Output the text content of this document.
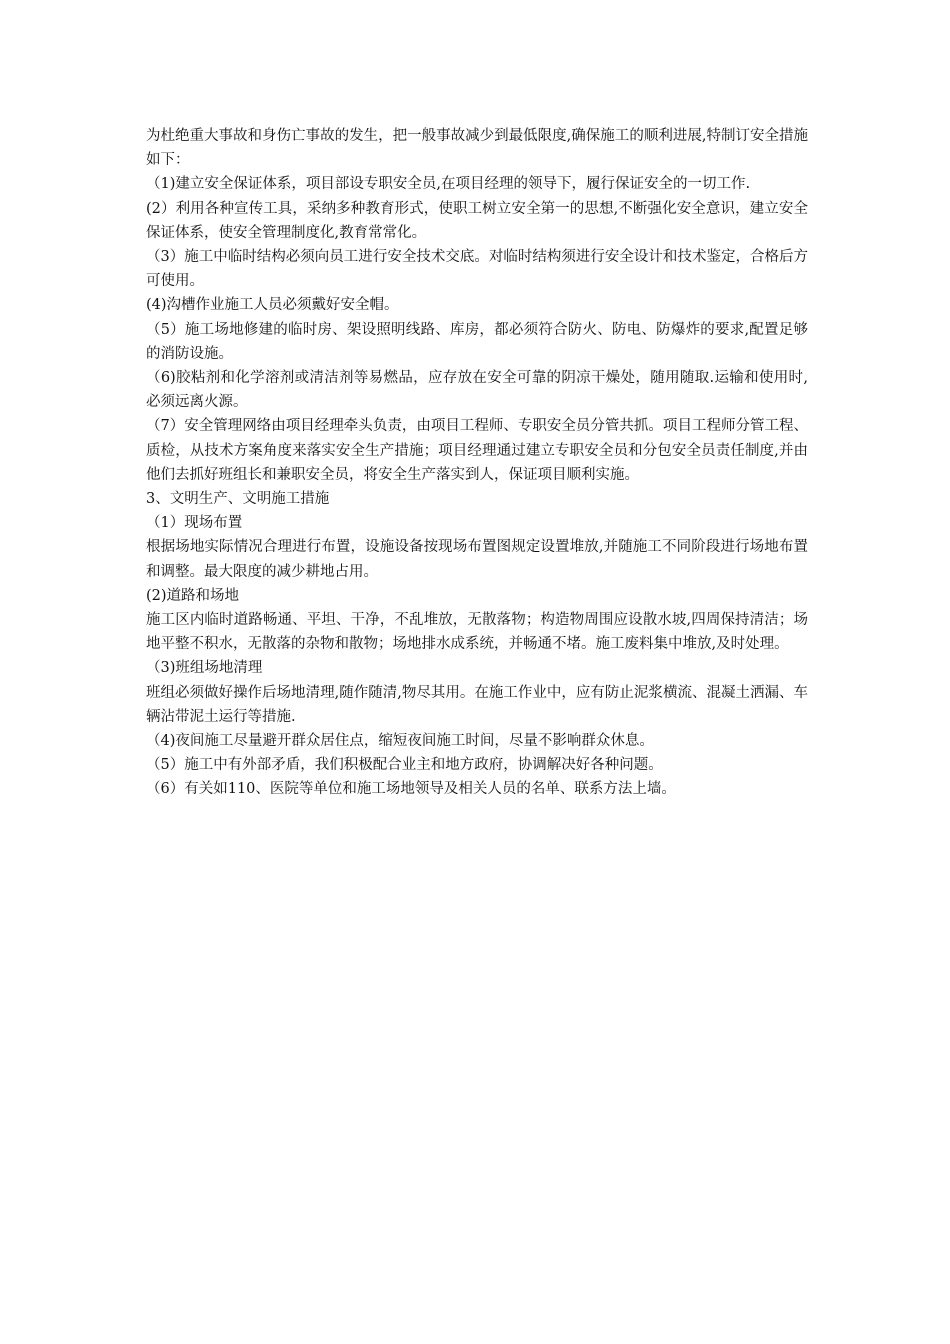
为杜绝重大事故和身伤亡事故的发生，把一般事故减少到最低限度,确保施工的顺利进展,特制订安全措施如下：

（1)建立安全保证体系，项目部设专职安全员,在项目经理的领导下，履行保证安全的一切工作.

(2）利用各种宣传工具，采纳多种教育形式，使职工树立安全第一的思想,不断强化安全意识，建立安全保证体系，使安全管理制度化,教育常常化。

（3）施工中临时结构必须向员工进行安全技术交底。对临时结构须进行安全设计和技术鉴定，合格后方可使用。

(4)沟槽作业施工人员必须戴好安全帽。

（5）施工场地修建的临时房、架设照明线路、库房，都必须符合防火、防电、防爆炸的要求,配置足够的消防设施。

（6)胶粘剂和化学溶剂或清洁剂等易燃品，应存放在安全可靠的阴凉干燥处，随用随取.运输和使用时,必须远离火源。

（7）安全管理网络由项目经理牵头负责，由项目工程师、专职安全员分管共抓。项目工程师分管工程、质检，从技术方案角度来落实安全生产措施；项目经理通过建立专职安全员和分包安全员责任制度,并由他们去抓好班组长和兼职安全员，将安全生产落实到人，保证项目顺利实施。

3、文明生产、文明施工措施

（1）现场布置

根据场地实际情况合理进行布置，设施设备按现场布置图规定设置堆放,并随施工不同阶段进行场地布置和调整。最大限度的减少耕地占用。

(2)道路和场地

施工区内临时道路畅通、平坦、干净，不乱堆放，无散落物；构造物周围应设散水坡,四周保持清洁；场地平整不积水，无散落的杂物和散物；场地排水成系统，并畅通不堵。施工废料集中堆放,及时处理。

（3)班组场地清理

班组必须做好操作后场地清理,随作随清,物尽其用。在施工作业中，应有防止泥浆横流、混凝土洒漏、车辆沾带泥土运行等措施.

（4)夜间施工尽量避开群众居住点，缩短夜间施工时间，尽量不影响群众休息。

（5）施工中有外部矛盾，我们积极配合业主和地方政府，协调解决好各种问题。

（6）有关如110、医院等单位和施工场地领导及相关人员的名单、联系方法上墙。
